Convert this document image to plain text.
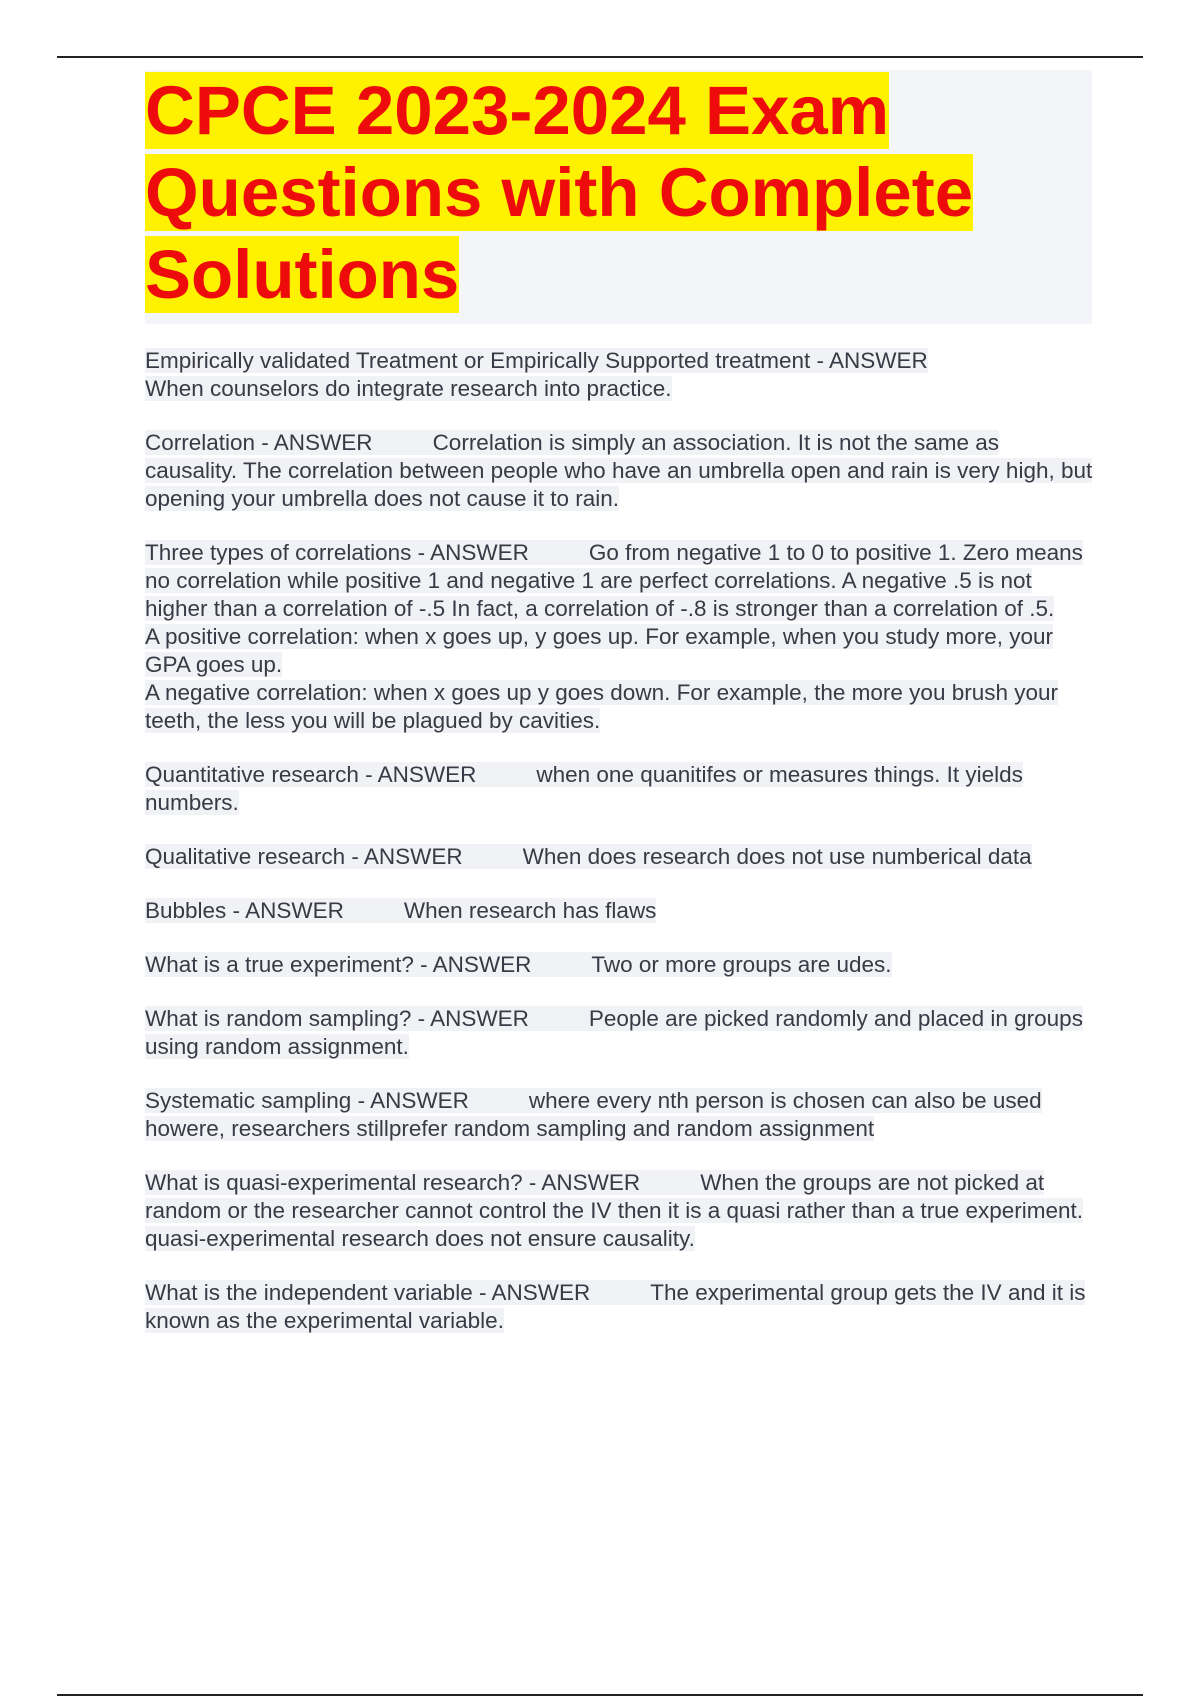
CPCE 2023-2024 Exam
Questions with Complete
Solutions
Empirically validated Treatment or Empirically Supported treatment - ANSWER
When counselors do integrate research into practice.
Correlation - ANSWER	Correlation is simply an association. It is not the same as causality. The correlation between people who have an umbrella open and rain is very high, but opening your umbrella does not cause it to rain.
Three types of correlations - ANSWER	Go from negative 1 to 0 to positive 1. Zero means no correlation while positive 1 and negative 1 are perfect correlations. A negative .5 is not higher than a correlation of -.5 In fact, a correlation of -.8 is stronger than a correlation of .5.
A positive correlation: when x goes up, y goes up. For example, when you study more, your GPA goes up.
A negative correlation: when x goes up y goes down. For example, the more you brush your teeth, the less you will be plagued by cavities.
Quantitative research - ANSWER	when one quanitifes or measures things. It yields numbers.
Qualitative research - ANSWER	When does research does not use numberical data
Bubbles - ANSWER	When research has flaws
What is a true experiment? - ANSWER	Two or more groups are udes.
What is random sampling? - ANSWER	People are picked randomly and placed in groups using random assignment.
Systematic sampling - ANSWER	where every nth person is chosen can also be used howere, researchers stillprefer random sampling and random assignment
What is quasi-experimental research? - ANSWER	When the groups are not picked at random or the researcher cannot control the IV then it is a quasi rather than a true experiment. quasi-experimental research does not ensure causality.
What is the independent variable - ANSWER	The experimental group gets the IV and it is known as the experimental variable.
